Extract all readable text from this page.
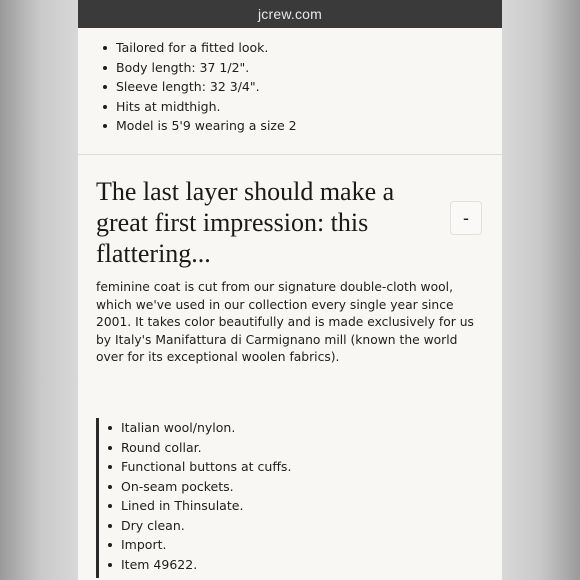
jcrew.com
Tailored for a fitted look.
Body length: 37 1/2".
Sleeve length: 32 3/4".
Hits at midthigh.
Model is 5'9 wearing a size 2
The last layer should make a great first impression: this flattering...
-

feminine coat is cut from our signature double-cloth wool, which we've used in our collection every single year since 2001. It takes color beautifully and is made exclusively for us by Italy's Manifattura di Carmignano mill (known the world over for its exceptional woolen fabrics).

Italian wool/nylon.
Round collar.
Functional buttons at cuffs.
On-seam pockets.
Lined in Thinsulate.
Dry clean.
Import.
Item 49622.
